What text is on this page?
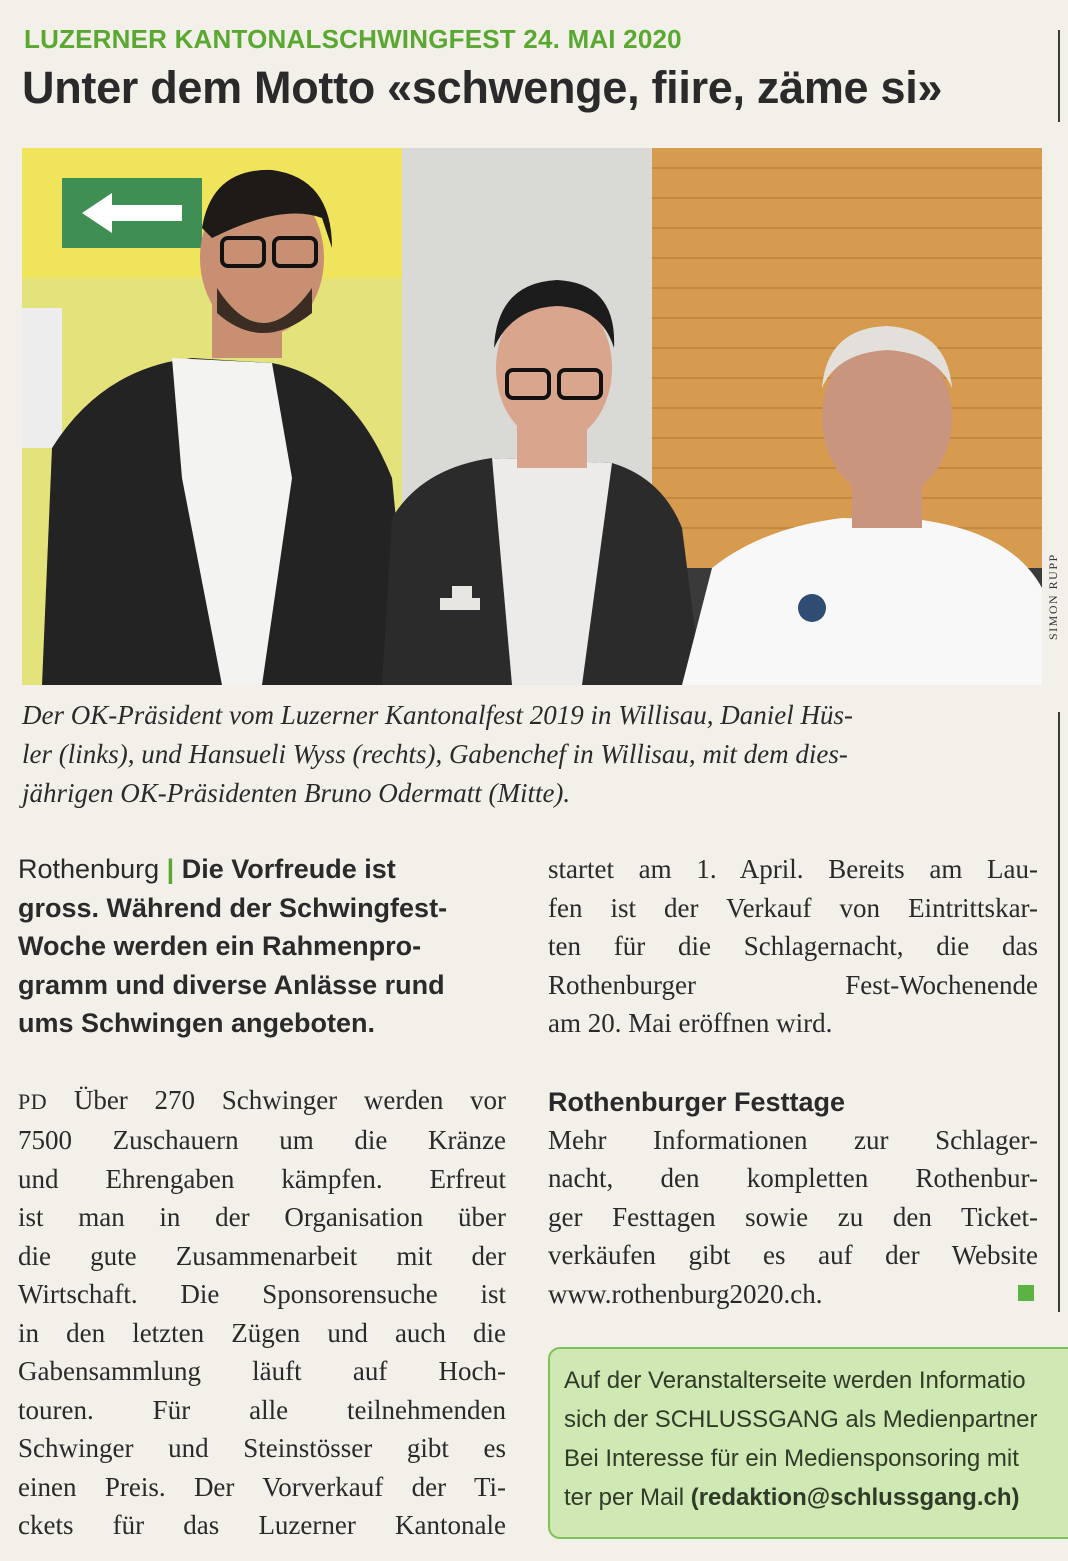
LUZERNER KANTONALSCHWINGFEST 24. MAI 2020
Unter dem Motto «schwenge, fiire, zäme si»
SIMON RUPP
Der OK-Präsident vom Luzerner Kantonalfest 2019 in Willisau, Daniel Hüs-
ler (links), und Hansueli Wyss (rechts), Gabenchef in Willisau, mit dem dies-
jährigen OK-Präsidenten Bruno Odermatt (Mitte).
Rothenburg | Die Vorfreude ist
gross. Während der Schwingfest-
Woche werden ein Rahmenpro-
gramm und diverse Anlässe rund
ums Schwingen angeboten.
PD Über 270 Schwinger werden vor
7500 Zuschauern um die Kränze
und Ehrengaben kämpfen. Erfreut
ist man in der Organisation über
die gute Zusammenarbeit mit der
Wirtschaft. Die Sponsorensuche ist
in den letzten Zügen und auch die
Gabensammlung läuft auf Hoch-
touren. Für alle teilnehmenden
Schwinger und Steinstösser gibt es
einen Preis. Der Vorverkauf der Ti-
ckets für das Luzerner Kantonale
startet am 1. April. Bereits am Lau-
fen ist der Verkauf von Eintrittskar-
ten für die Schlagernacht, die das
Rothenburger Fest-Wochenende
am 20. Mai eröffnen wird.
Rothenburger Festtage
Mehr Informationen zur Schlager-
nacht, den kompletten Rothenbur-
ger Festtagen sowie zu den Ticket-
verkäufen gibt es auf der Website
www.rothenburg2020.ch.
Auf der Veranstalterseite werden Informatio
sich der SCHLUSSGANG als Medienpartner
Bei Interesse für ein Mediensponsoring mit
ter per Mail (redaktion@schlussgang.ch)
